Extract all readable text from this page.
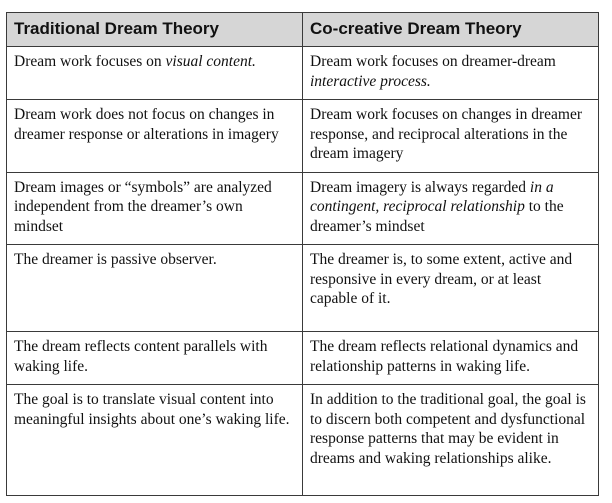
Traditional Dream Theory	Co-creative Dream Theory
Dream work focuses on visual content.	Dream work focuses on dreamer-dream interactive process.
Dream work does not focus on changes in dreamer response or alterations in imagery	Dream work focuses on changes in dreamer response, and reciprocal alterations in the dream imagery
Dream images or “symbols” are analyzed independent from the dreamer’s own mindset	Dream imagery is always regarded in a contingent, reciprocal relationship to the dreamer’s mindset
The dreamer is passive observer.	The dreamer is, to some extent, active and responsive in every dream, or at least capable of it.
The dream reflects content parallels with waking life.	The dream reflects relational dynamics and relationship patterns in waking life.
The goal is to translate visual content into meaningful insights about one’s waking life.	In addition to the traditional goal, the goal is to discern both competent and dysfunctional response patterns that may be evident in dreams and waking relationships alike.
